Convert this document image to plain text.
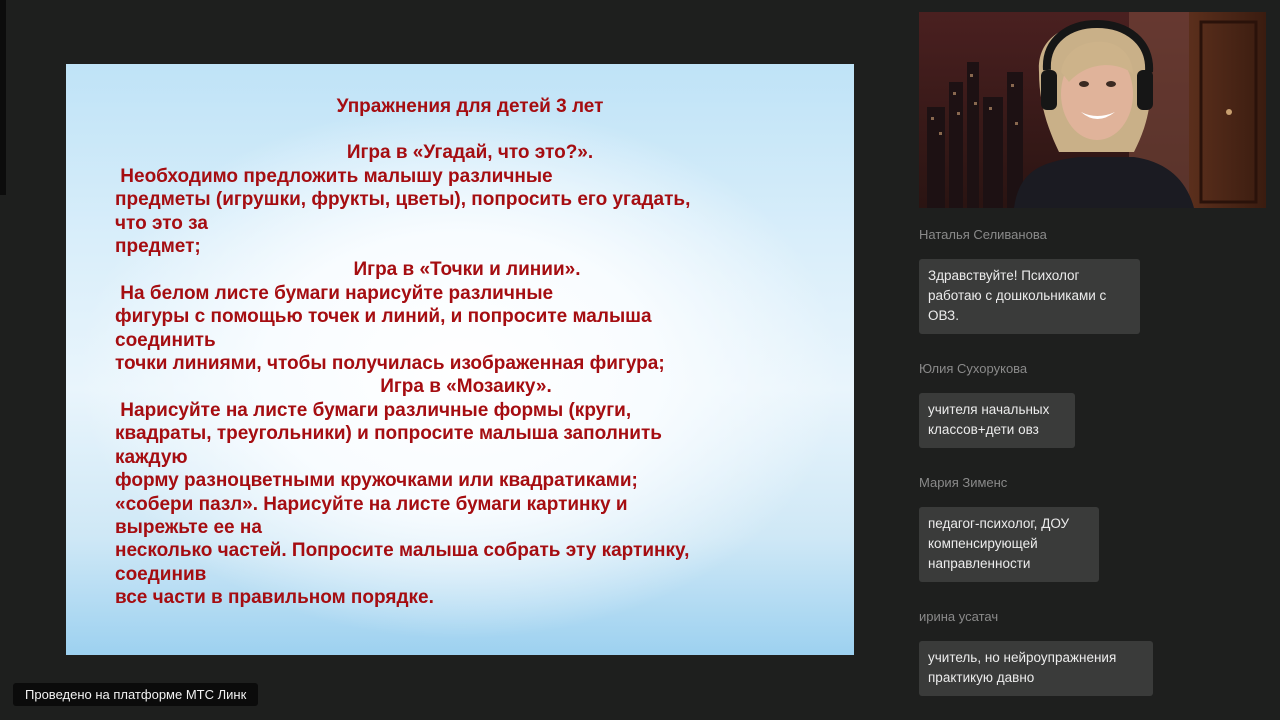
Упражнения для детей 3 лет
Игра в «Угадай, что это?».
Необходимо предложить малышу различные
предметы (игрушки, фрукты, цветы), попросить его угадать,
что это за
предмет;
Игра в «Точки и линии».
На белом листе бумаги нарисуйте различные
фигуры с помощью точек и линий, и попросите малыша
соединить
точки линиями, чтобы получилась изображенная фигура;
Игра в «Мозаику».
Нарисуйте на листе бумаги различные формы (круги,
квадраты, треугольники) и попросите малыша заполнить
каждую
форму разноцветными кружочками или квадратиками;
«собери пазл». Нарисуйте на листе бумаги картинку и
вырежьте ее на
несколько частей. Попросите малыша собрать эту картинку,
соединив
все части в правильном порядке.
Наталья Селиванова
Здравствуйте! Психолог работаю с дошкольниками с ОВЗ.
Юлия Сухорукова
учителя начальных классов+дети овз
Мария Зименс
педагог-психолог, ДОУ компенсирующей направленности
ирина усатач
учитель, но нейроупражнения практикую давно
Проведено на платформе МТС Линк
